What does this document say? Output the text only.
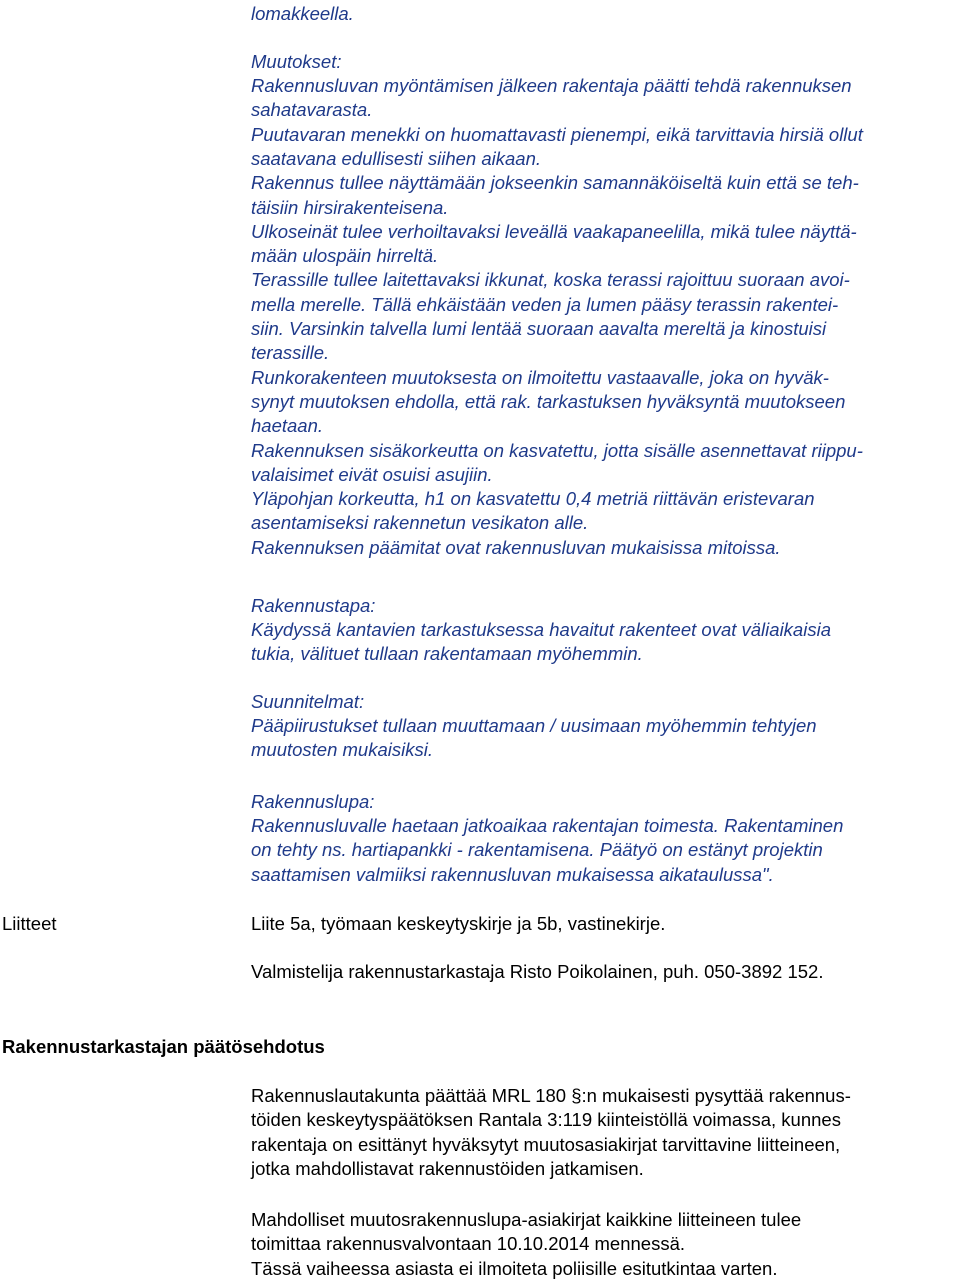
lomakkeella.
Muutokset:
Rakennusluvan myöntämisen jälkeen rakentaja päätti tehdä rakennuksen
sahatavarasta.
Puutavaran menekki on huomattavasti pienempi, eikä tarvittavia hirsiä ollut
saatavana edullisesti siihen aikaan.
Rakennus tullee näyttämään jokseenkin samannäköiseltä kuin että se teh-
täisiin hirsirakenteisena.
Ulkoseinät tulee verhoiltavaksi leveällä vaakapaneelilla, mikä tulee näyttä-
mään ulospäin hirreltä.
Terassille tullee laitettavaksi ikkunat, koska terassi rajoittuu suoraan avoi-
mella merelle. Tällä ehkäistään veden ja lumen pääsy terassin rakentei-
siin. Varsinkin talvella lumi lentää suoraan aavalta mereltä ja kinostuisi
terassille.
Runkorakenteen muutoksesta on ilmoitettu vastaavalle, joka on hyväk-
synyt muutoksen ehdolla, että rak. tarkastuksen hyväksyntä muutokseen
haetaan.
Rakennuksen sisäkorkeutta on kasvatettu, jotta sisälle asennettavat riippu-
valaisimet eivät osuisi asujiin.
Yläpohjan korkeutta, h1 on kasvatettu 0,4 metriä riittävän eristevaran
asentamiseksi rakennetun vesikaton alle.
Rakennuksen päämitat ovat rakennusluvan mukaisissa mitoissa.
Rakennustapa:
Käydyssä kantavien tarkastuksessa havaitut rakenteet ovat väliaikaisia
tukia, välituet tullaan rakentamaan myöhemmin.
Suunnitelmat:
Pääpiirustukset tullaan muuttamaan / uusimaan myöhemmin tehtyjen
muutosten mukaisiksi.
Rakennuslupa:
Rakennusluvalle haetaan jatkoaikaa rakentajan toimesta. Rakentaminen
on tehty ns. hartiapankki - rakentamisena. Päätyö on estänyt projektin
saattamisen valmiiksi rakennusluvan mukaisessa aikataulussa".
Liitteet	Liite 5a, työmaan keskeytyskirje ja 5b, vastinekirje.
Valmistelija rakennustarkastaja Risto Poikolainen, puh. 050-3892 152.
Rakennustarkastajan päätösehdotus
Rakennuslautakunta päättää MRL 180 §:n mukaisesti pysyttää rakennus-
töiden keskeytyspäätöksen Rantala 3:119 kiinteistöllä voimassa, kunnes
rakentaja on esittänyt hyväksytyt muutosasiakirjat tarvittavine liitteineen,
jotka mahdollistavat rakennustöiden jatkamisen.
Mahdolliset muutosrakennuslupa-asiakirjat kaikkine liitteineen tulee
toimittaa rakennusvalvontaan 10.10.2014 mennessä.
Tässä vaiheessa asiasta ei ilmoiteta poliisille esitutkintaa varten.
